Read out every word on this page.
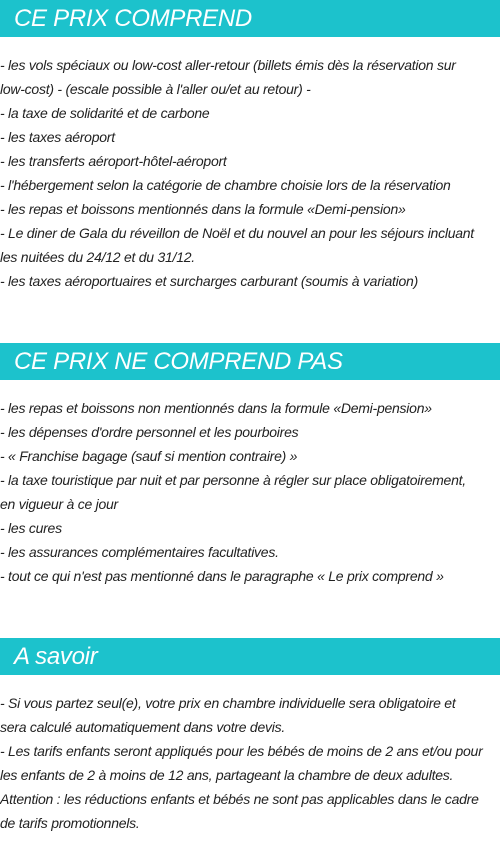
CE PRIX COMPREND
- les vols spéciaux ou low-cost aller-retour (billets émis dès la réservation sur
low-cost) - (escale possible à l'aller ou/et au retour) -
- la taxe de solidarité et de carbone
- les taxes aéroport
- les transferts aéroport-hôtel-aéroport
- l'hébergement selon la catégorie de chambre choisie lors de la réservation
- les repas et boissons mentionnés dans la formule «Demi-pension»
- Le diner de Gala du réveillon de Noël et du nouvel an pour les séjours incluant
les nuitées du 24/12 et du 31/12.
- les taxes aéroportuaires et surcharges carburant (soumis à variation)
CE PRIX NE COMPREND PAS
- les repas et boissons non mentionnés dans la formule «Demi-pension»
- les dépenses d'ordre personnel et les pourboires
- « Franchise bagage (sauf si mention contraire) »
- la taxe touristique par nuit et par personne à régler sur place obligatoirement,
en vigueur à ce jour
- les cures
- les assurances complémentaires facultatives.
- tout ce qui n'est pas mentionné dans le paragraphe « Le prix comprend »
A savoir
- Si vous partez seul(e), votre prix en chambre individuelle sera obligatoire et
sera calculé automatiquement dans votre devis.
- Les tarifs enfants seront appliqués pour les bébés de moins de 2 ans et/ou pour
les enfants de 2 à moins de 12 ans, partageant la chambre de deux adultes.
Attention : les réductions enfants et bébés ne sont pas applicables dans le cadre
de tarifs promotionnels.
